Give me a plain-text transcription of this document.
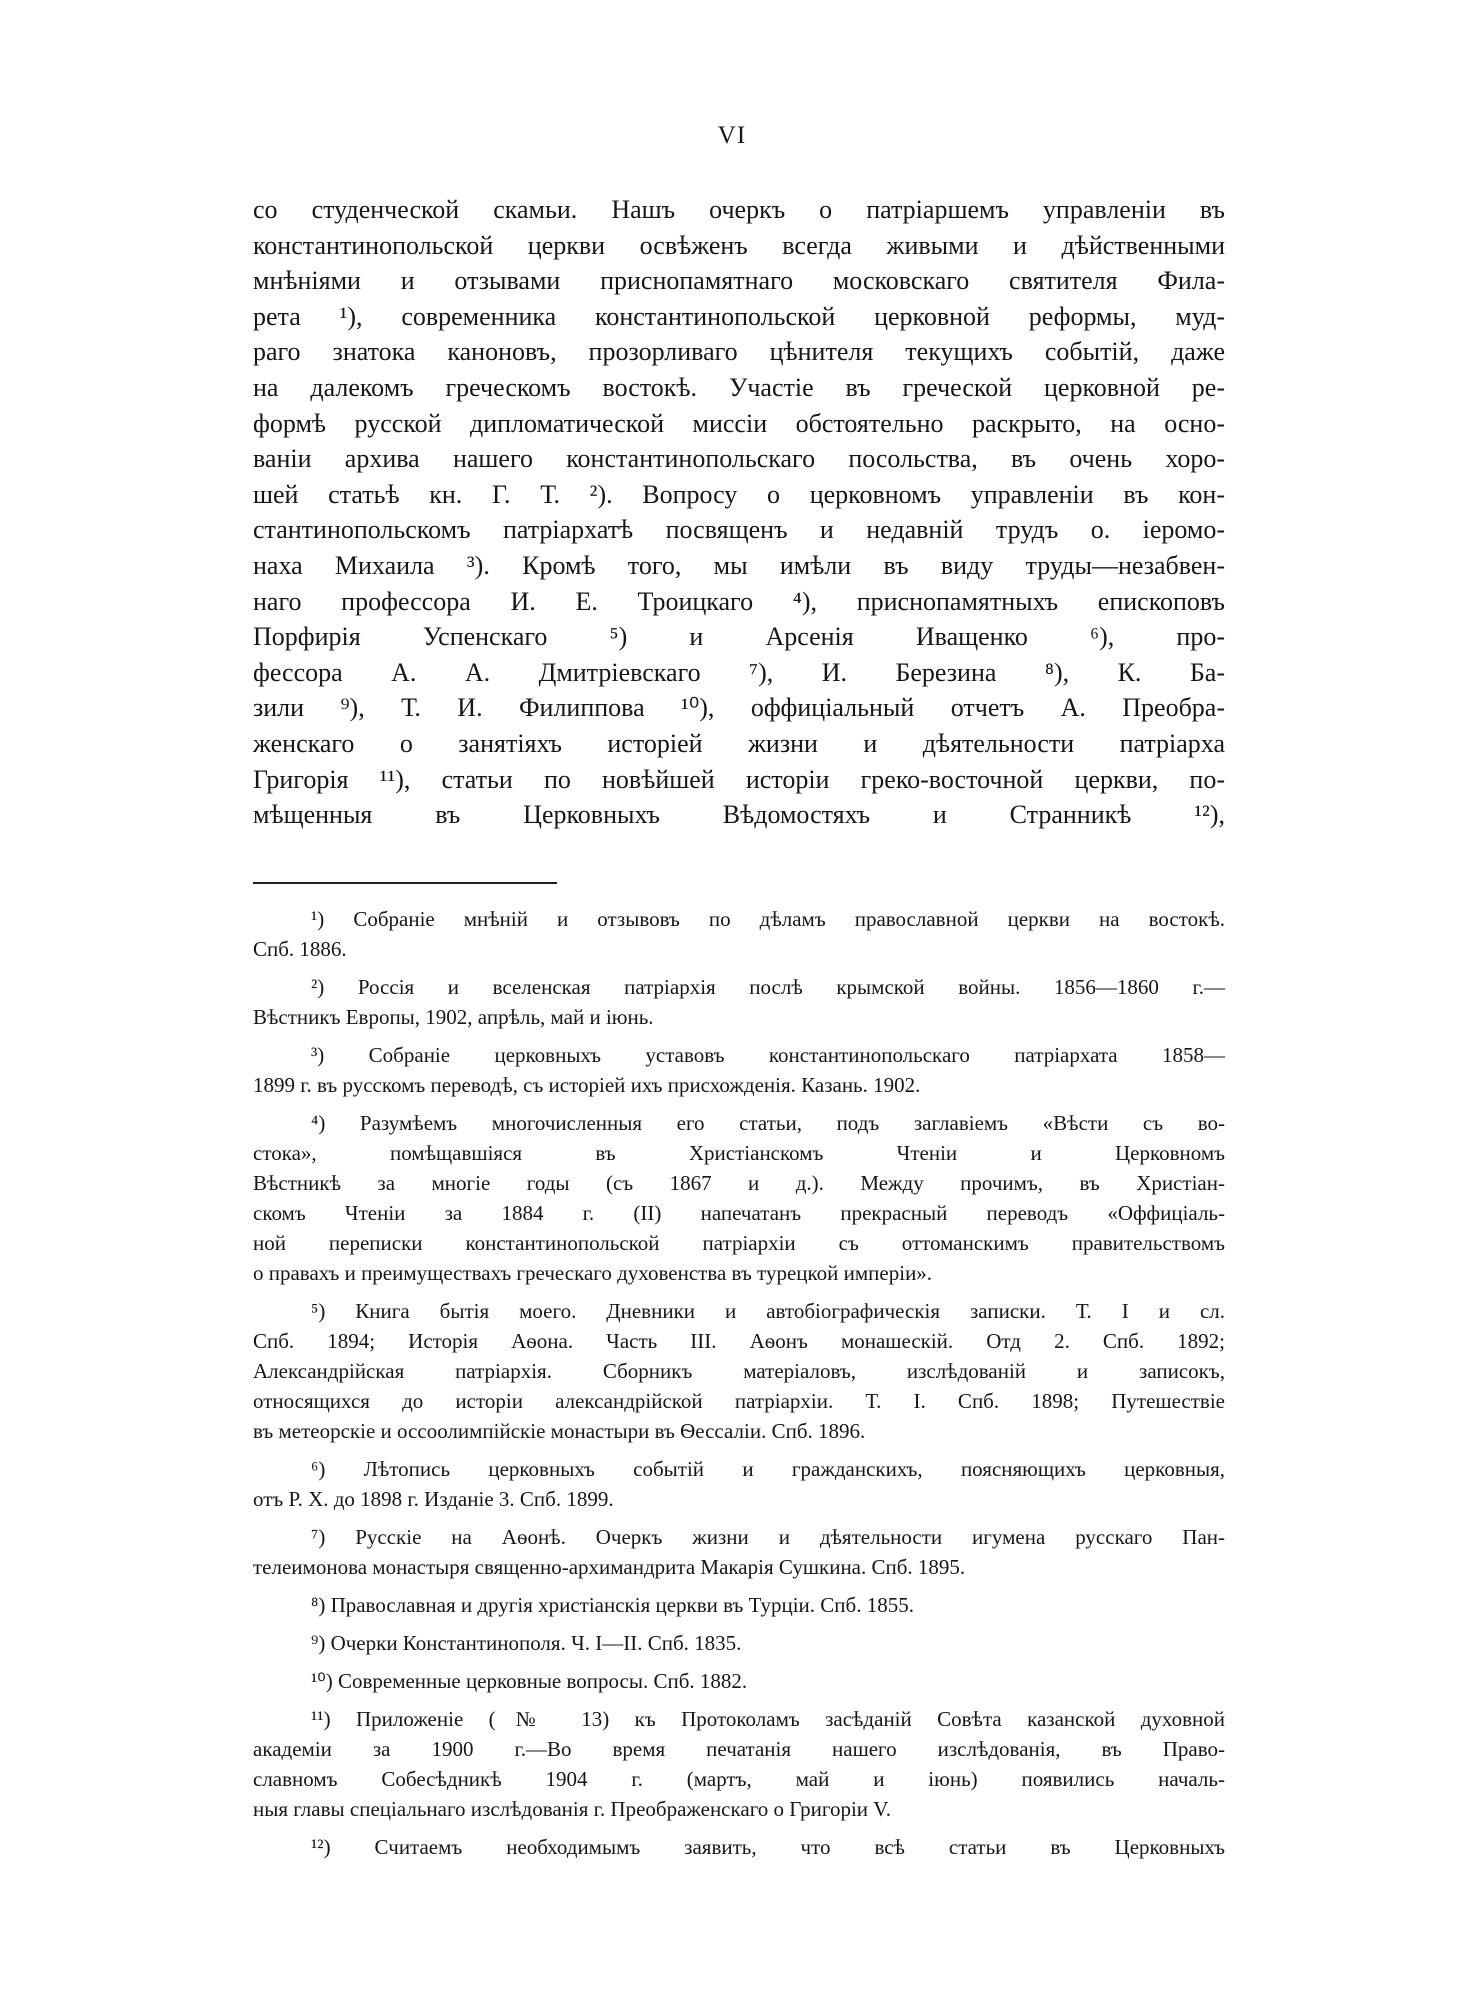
VI
со студенческой скамьи. Нашъ очеркъ о патріаршемъ управленіи въ
константинопольской церкви освѣженъ всегда живыми и дѣйственными
мнѣніями и отзывами приснопамятнаго московскаго святителя Фила-
рета ¹), современника константинопольской церковной реформы, муд-
раго знатока каноновъ, прозорливаго цѣнителя текущихъ событій, даже
на далекомъ греческомъ востокѣ. Участіе въ греческой церковной ре-
формѣ русской дипломатической миссіи обстоятельно раскрыто, на осно-
ваніи архива нашего константинопольскаго посольства, въ очень хоро-
шей статьѣ кн. Г. Т. ²). Вопросу о церковномъ управленіи въ кон-
стантинопольскомъ патріархатѣ посвященъ и недавній трудъ о. іеромо-
наха Михаила ³). Кромѣ того, мы имѣли въ виду труды—незабвен-
наго профессора И. Е. Троицкаго ⁴), приснопамятныхъ епископовъ
Порфирія Успенскаго ⁵) и Арсенія Иващенко ⁶), про-
фессора А. А. Дмитріевскаго ⁷), И. Березина ⁸), К. Ба-
зили ⁹), Т. И. Филиппова ¹⁰), оффиціальный отчетъ А. Преобра-
женскаго о занятіяхъ исторіей жизни и дѣятельности патріарха
Григорія ¹¹), статьи по новѣйшей исторіи греко-восточной церкви, по-
мѣщенныя въ Церковныхъ Вѣдомостяхъ и Странникѣ ¹²),
¹) Собраніе мнѣній и отзывовъ по дѣламъ православной церкви на востокѣ.
Спб. 1886.
²) Россія и вселенская патріархія послѣ крымской войны. 1856—1860 г.—
Вѣстникъ Европы, 1902, апрѣль, май и іюнь.
³) Собраніе церковныхъ уставовъ константинопольскаго патріархата 1858—
1899 г. въ русскомъ переводѣ, съ исторіей ихъ присхожденія. Казань. 1902.
⁴) Разумѣемъ многочисленныя его статьи, подъ заглавіемъ «Вѣсти съ во-
стока», помѣщавшіяся въ Христіанскомъ Чтеніи и Церковномъ
Вѣстникѣ за многіе годы (съ 1867 и д.). Между прочимъ, въ Христіан-
скомъ Чтеніи за 1884 г. (II) напечатанъ прекрасный переводъ «Оффиціаль-
ной переписки константинопольской патріархіи съ оттоманскимъ правительствомъ
о правахъ и преимуществахъ греческаго духовенства въ турецкой имперіи».
⁵) Книга бытія моего. Дневники и автобіографическія записки. Т. I и сл.
Спб. 1894; Исторія Аѳона. Часть III. Аѳонъ монашескій. Отд 2. Спб. 1892;
Александрійская патріархія. Сборникъ матеріаловъ, изслѣдованій и записокъ,
относящихся до исторіи александрійской патріархіи. Т. I. Спб. 1898; Путешествіе
въ метеорскіе и оссоолимпійскіе монастыри въ Ѳессаліи. Спб. 1896.
⁶) Лѣтопись церковныхъ событій и гражданскихъ, поясняющихъ церковныя,
отъ Р. Х. до 1898 г. Изданіе 3. Спб. 1899.
⁷) Русскіе на Аѳонѣ. Очеркъ жизни и дѣятельности игумена русскаго Пан-
телеимонова монастыря священно-архимандрита Макарія Сушкина. Спб. 1895.
⁸) Православная и другія христіанскія церкви въ Турціи. Спб. 1855.
⁹) Очерки Константинополя. Ч. I—II. Спб. 1835.
¹⁰) Современные церковные вопросы. Спб. 1882.
¹¹) Приложеніе (№ 13) къ Протоколамъ засѣданій Совѣта казанской духовной
академіи за 1900 г.—Во время печатанія нашего изслѣдованія, въ Право-
славномъ Собесѣдникѣ 1904 г. (мартъ, май и іюнь) появились началь-
ныя главы спеціальнаго изслѣдованія г. Преображенскаго о Григоріи V.
¹²) Считаемъ необходимымъ заявить, что всѣ статьи въ Церковныхъ
